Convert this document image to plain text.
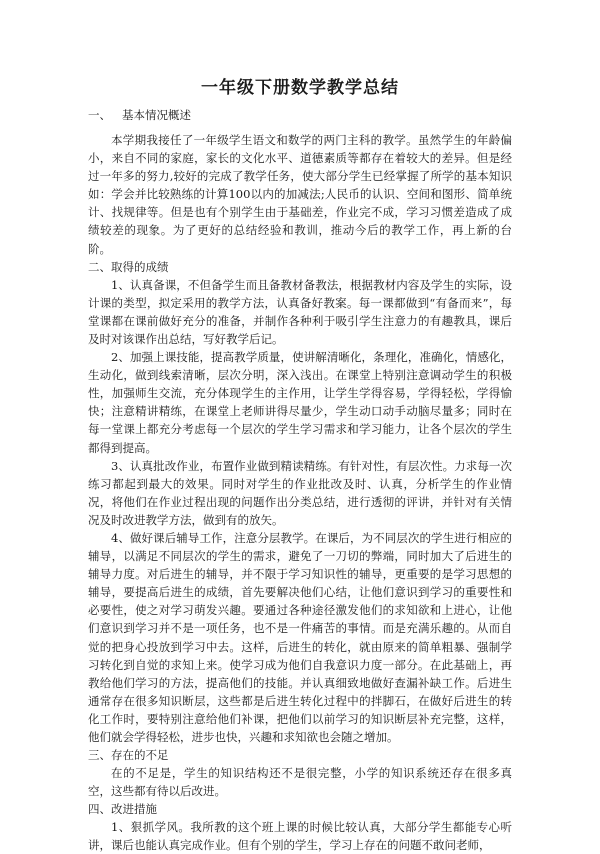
一年级下册数学教学总结

一、 基本情况概述

本学期我接任了一年级学生语文和数学的两门主科的教学。虽然学生的年龄偏小，来自不同的家庭，家长的文化水平、道德素质等都存在着较大的差异。但是经过一年多的努力,较好的完成了教学任务，使大部分学生已经掌握了所学的基本知识如：学会并比较熟练的计算100以内的加减法;人民币的认识、空间和图形、简单统计、找规律等。但是也有个别学生由于基础差，作业完不成，学习习惯差造成了成绩较差的现象。为了更好的总结经验和教训，推动今后的教学工作，再上新的台阶。

二、取得的成绩

1、认真备课，不但备学生而且备教材备教法，根据教材内容及学生的实际，设计课的类型，拟定采用的教学方法，认真备好教案。每一课都做到“有备而来”，每堂课都在课前做好充分的准备，并制作各种利于吸引学生注意力的有趣教具，课后及时对该课作出总结，写好教学后记。

2、加强上课技能，提高教学质量，使讲解清晰化，条理化，准确化，情感化，生动化，做到线索清晰，层次分明，深入浅出。在课堂上特别注意调动学生的积极性，加强师生交流，充分体现学生的主作用，让学生学得容易，学得轻松，学得愉快；注意精讲精练，在课堂上老师讲得尽量少，学生动口动手动脑尽量多；同时在每一堂课上都充分考虑每一个层次的学生学习需求和学习能力，让各个层次的学生都得到提高。

3、认真批改作业，布置作业做到精读精练。有针对性，有层次性。力求每一次练习都起到最大的效果。同时对学生的作业批改及时、认真，分析学生的作业情况，将他们在作业过程出现的问题作出分类总结，进行透彻的评讲，并针对有关情况及时改进教学方法，做到有的放矢。

4、做好课后辅导工作，注意分层教学。在课后，为不同层次的学生进行相应的辅导，以满足不同层次的学生的需求，避免了一刀切的弊端，同时加大了后进生的辅导力度。对后进生的辅导，并不限于学习知识性的辅导，更重要的是学习思想的辅导，要提高后进生的成绩，首先要解决他们心结，让他们意识到学习的重要性和必要性，使之对学习萌发兴趣。要通过各种途径激发他们的求知欲和上进心，让他们意识到学习并不是一项任务，也不是一件痛苦的事情。而是充满乐趣的。从而自觉的把身心投放到学习中去。这样，后进生的转化，就由原来的简单粗暴、强制学习转化到自觉的求知上来。使学习成为他们自我意识力度一部分。在此基础上，再教给他们学习的方法，提高他们的技能。并认真细致地做好查漏补缺工作。后进生通常存在很多知识断层，这些都是后进生转化过程中的拌脚石，在做好后进生的转化工作时，要特别注意给他们补课，把他们以前学习的知识断层补充完整，这样，他们就会学得轻松，进步也快，兴趣和求知欲也会随之增加。

三、存在的不足

在的不足是，学生的知识结构还不是很完整，小学的知识系统还存在很多真空，这些都有待以后改进。

四、改进措施

1、狠抓学风。我所教的这个班上课的时候比较认真，大部分学生都能专心听讲，课后也能认真完成作业。但有个别的学生，学习上存在的问题不敢问老师，
